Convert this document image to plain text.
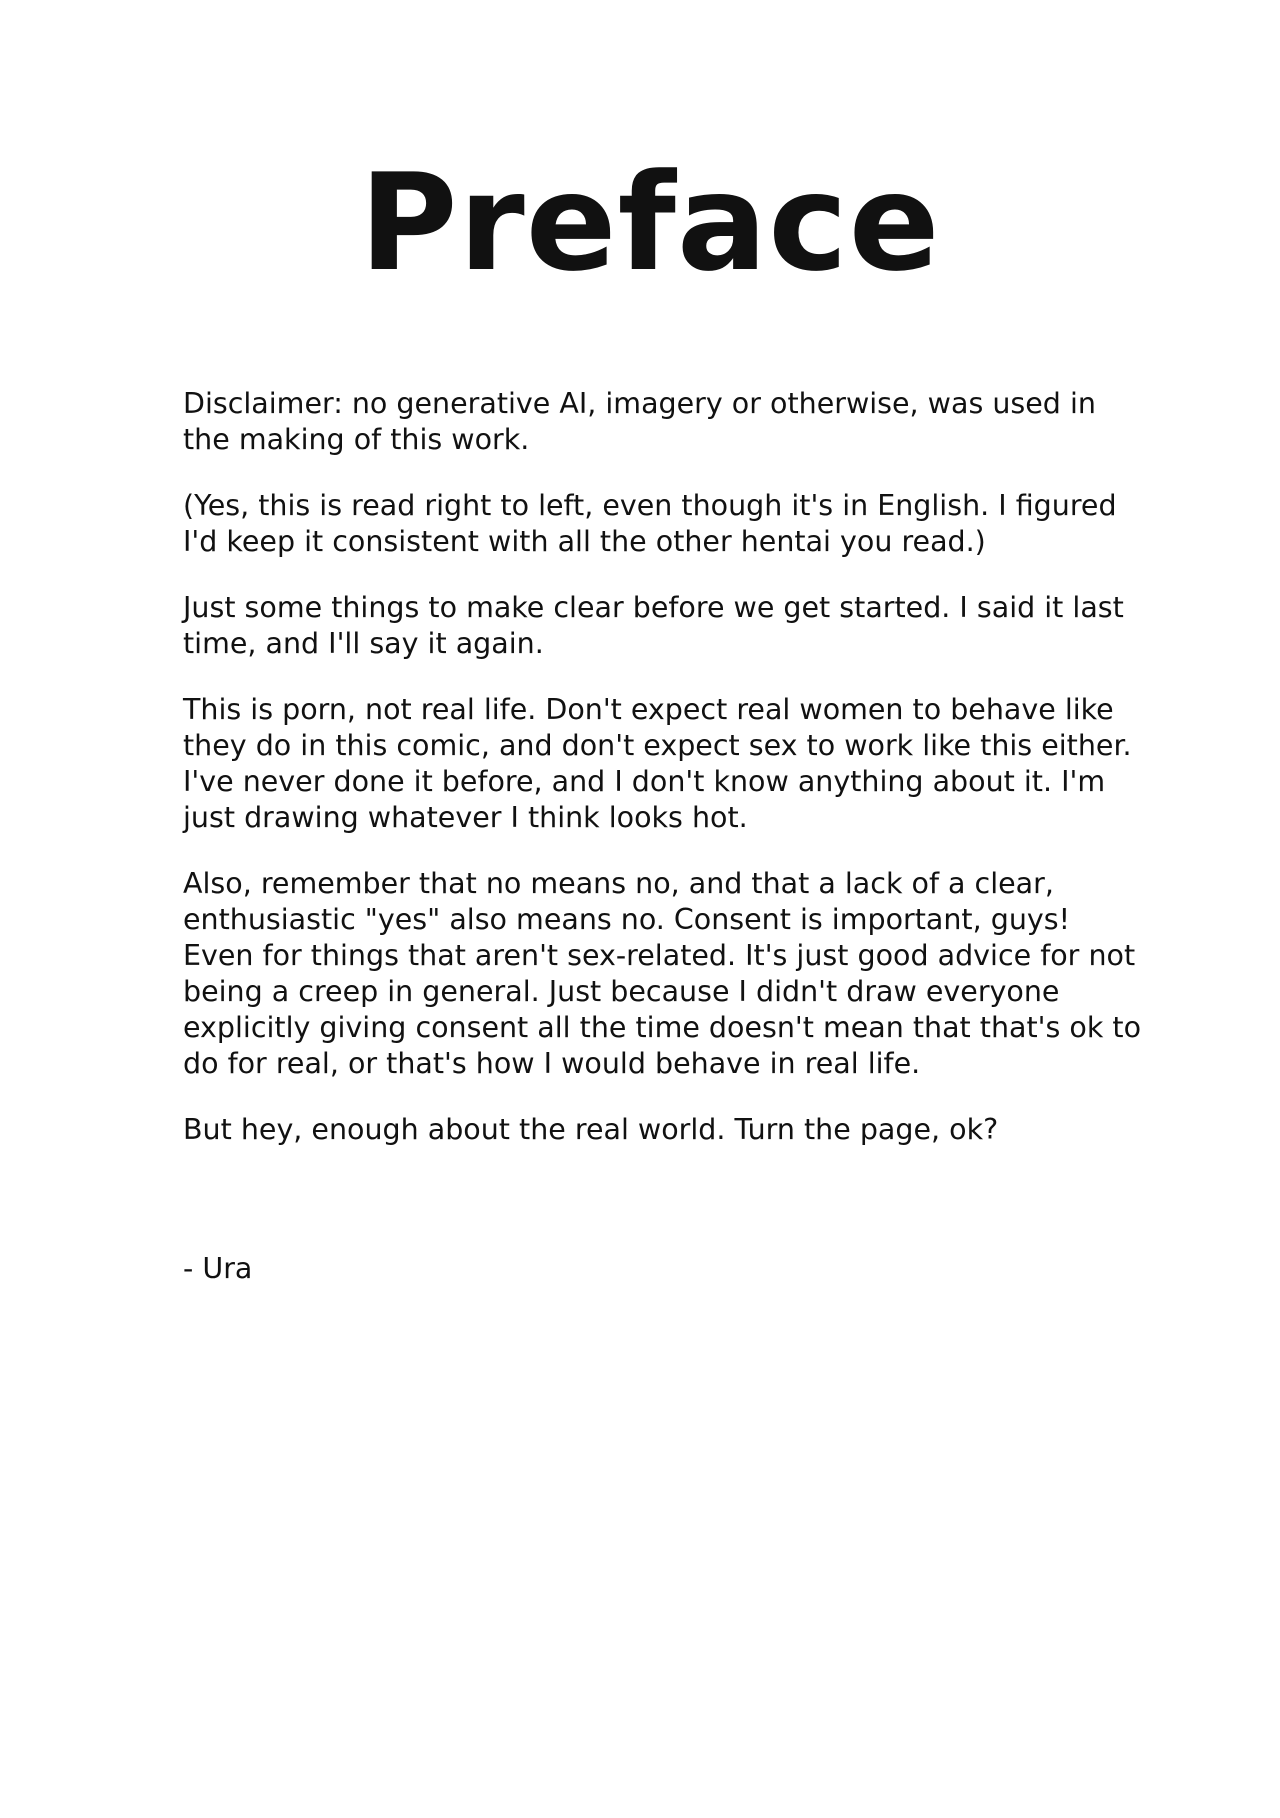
Preface

Disclaimer: no generative AI, imagery or otherwise, was used in the making of this work.

(Yes, this is read right to left, even though it's in English. I figured I'd keep it consistent with all the other hentai you read.)

Just some things to make clear before we get started. I said it last time, and I'll say it again.

This is porn, not real life. Don't expect real women to behave like they do in this comic, and don't expect sex to work like this either. I've never done it before, and I don't know anything about it. I'm just drawing whatever I think looks hot.

Also, remember that no means no, and that a lack of a clear, enthusiastic "yes" also means no. Consent is important, guys! Even for things that aren't sex-related. It's just good advice for not being a creep in general. Just because I didn't draw everyone explicitly giving consent all the time doesn't mean that that's ok to do for real, or that's how I would behave in real life.

But hey, enough about the real world. Turn the page, ok?

- Ura
